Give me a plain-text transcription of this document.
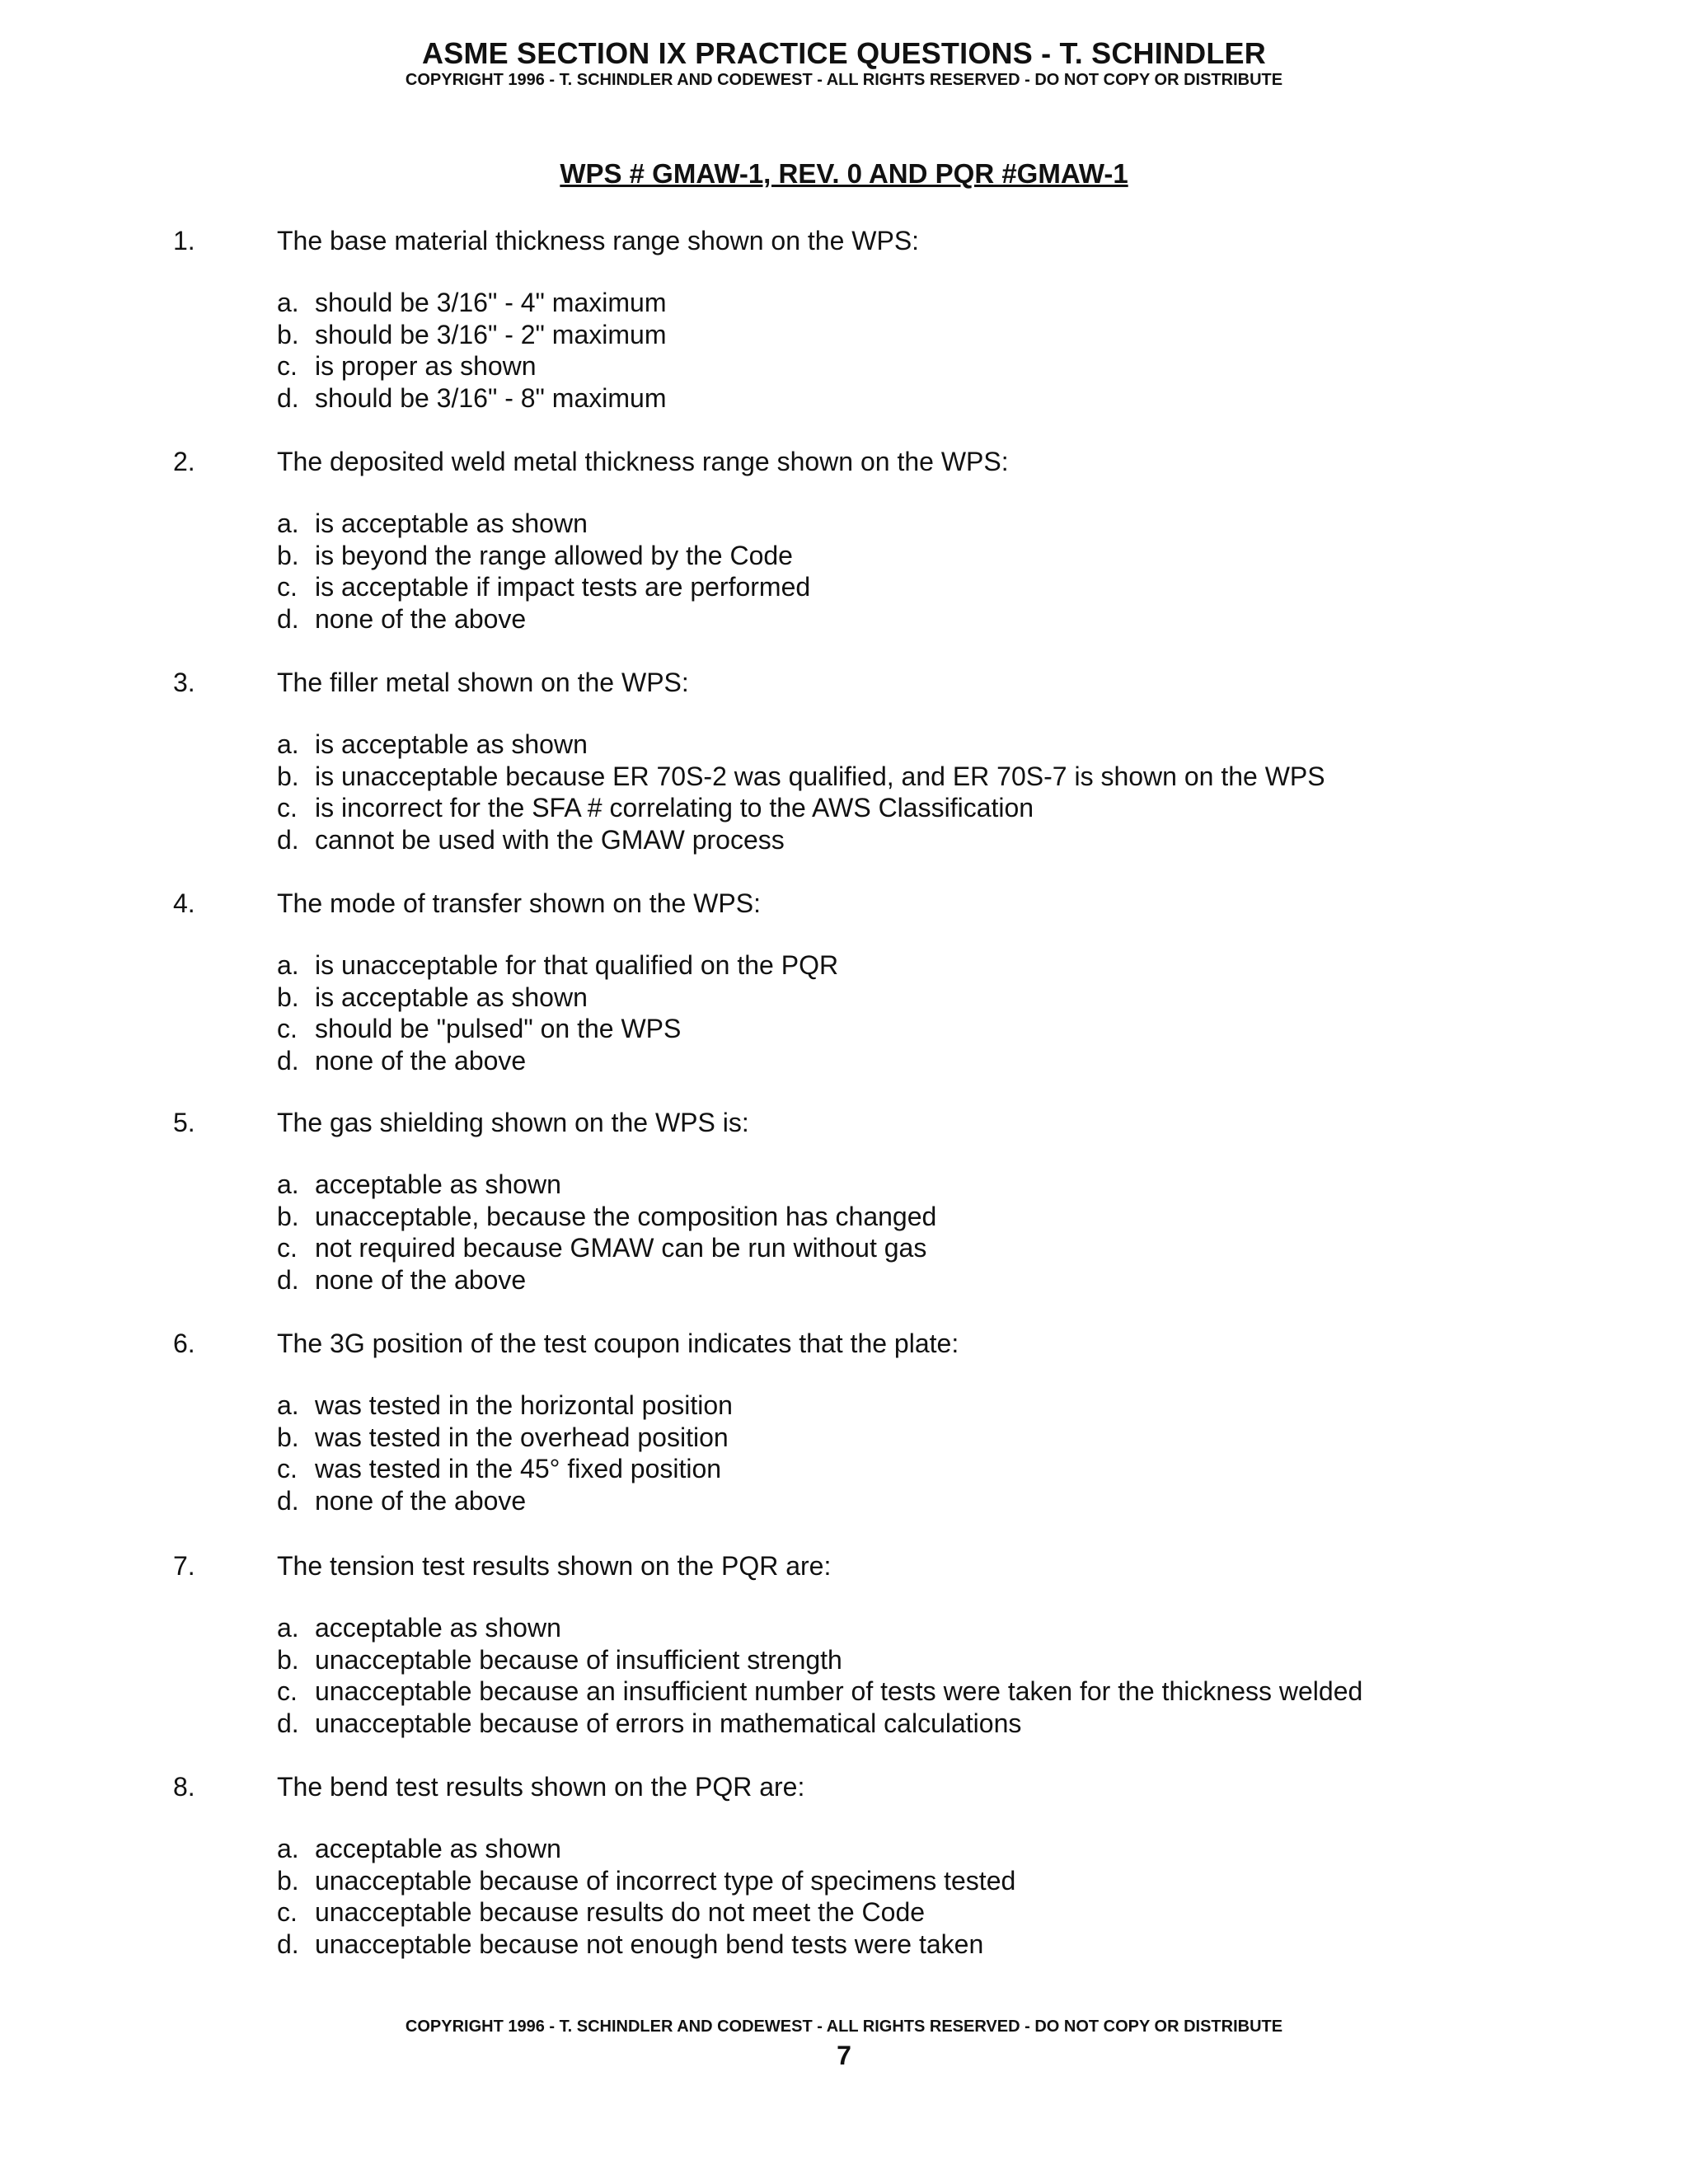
ASME SECTION IX PRACTICE QUESTIONS - T. SCHINDLER
COPYRIGHT 1996 - T. SCHINDLER AND CODEWEST - ALL RIGHTS RESERVED - DO NOT COPY OR DISTRIBUTE
WPS # GMAW-1, REV. 0 AND PQR #GMAW-1
1.	The base material thickness range shown on the WPS:
a. should be 3/16" - 4" maximum
b. should be 3/16" - 2" maximum
c. is proper as shown
d. should be 3/16" - 8" maximum
2.	The deposited weld metal thickness range shown on the WPS:
a. is acceptable as shown
b. is beyond the range allowed by the Code
c. is acceptable if impact tests are performed
d. none of the above
3.	The filler metal shown on the WPS:
a. is acceptable as shown
b. is unacceptable because ER 70S-2 was qualified, and ER 70S-7 is shown on the WPS
c. is incorrect for the SFA # correlating to the AWS Classification
d. cannot be used with the GMAW process
4.	The mode of transfer shown on the WPS:
a. is unacceptable for that qualified on the PQR
b. is acceptable as shown
c. should be "pulsed" on the WPS
d. none of the above
5.	The gas shielding shown on the WPS is:
a. acceptable as shown
b. unacceptable, because the composition has changed
c. not required because GMAW can be run without gas
d. none of the above
6.	The 3G position of the test coupon indicates that the plate:
a. was tested in the horizontal position
b. was tested in the overhead position
c. was tested in the 45° fixed position
d. none of the above
7.	The tension test results shown on the PQR are:
a. acceptable as shown
b. unacceptable because of insufficient strength
c. unacceptable because an insufficient number of tests were taken for the thickness welded
d. unacceptable because of errors in mathematical calculations
8.	The bend test results shown on the PQR are:
a. acceptable as shown
b. unacceptable because of incorrect type of specimens tested
c. unacceptable because results do not meet the Code
d. unacceptable because not enough bend tests were taken
COPYRIGHT 1996 - T. SCHINDLER AND CODEWEST - ALL RIGHTS RESERVED - DO NOT COPY OR DISTRIBUTE
7
